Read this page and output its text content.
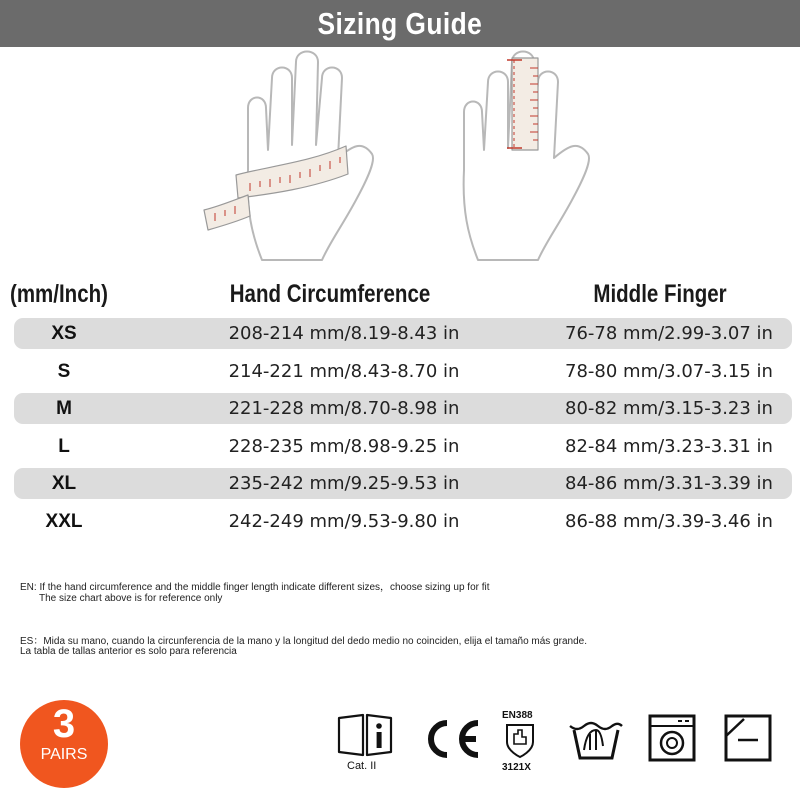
Sizing Guide
(mm/Inch)	Hand Circumference	Middle Finger
XS	208-214 mm/8.19-8.43 in	76-78 mm/2.99-3.07 in
S	214-221 mm/8.43-8.70 in	78-80 mm/3.07-3.15 in
M	221-228 mm/8.70-8.98 in	80-82 mm/3.15-3.23 in
L	228-235 mm/8.98-9.25 in	82-84 mm/3.23-3.31 in
XL	235-242 mm/9.25-9.53 in	84-86 mm/3.31-3.39 in
XXL	242-249 mm/9.53-9.80 in	86-88 mm/3.39-3.46 in
EN: If the hand circumference and the middle finger length indicate different sizes，choose sizing up for fit
The size chart above is for reference only
ES：Mida su mano, cuando la circunferencia de la mano y la longitud del dedo medio no coinciden, elija el tamaño más grande.
La tabla de tallas anterior es solo para referencia
3
PAIRS
Cat. II
EN388
3121X
